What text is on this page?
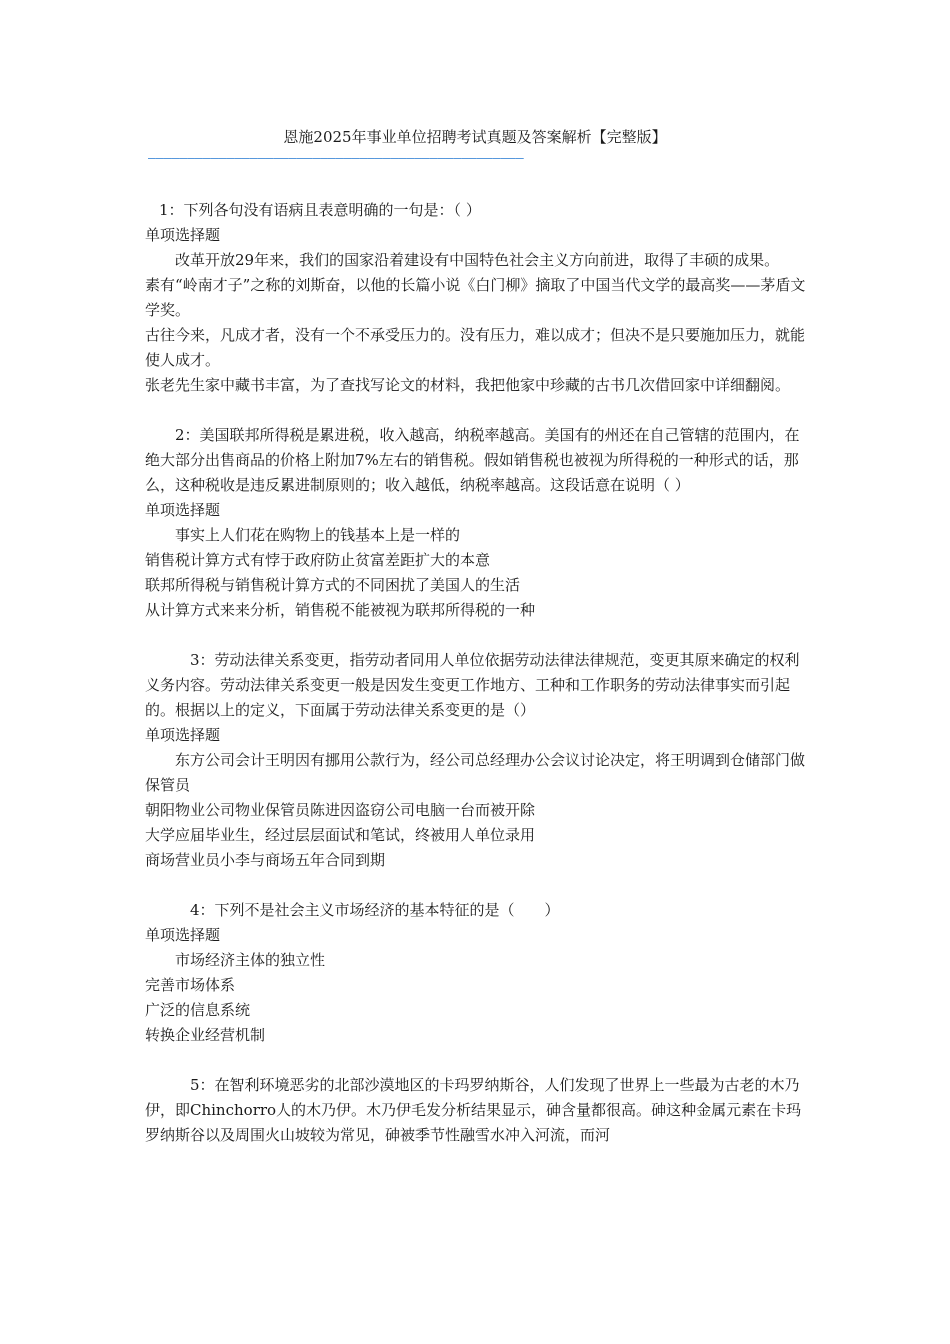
恩施2025年事业单位招聘考试真题及答案解析【完整版】
————————————————————————————————————————————————

1：下列各句没有语病且表意明确的一句是：（ ）

单项选择题

改革开放29年来，我们的国家沿着建设有中国特色社会主义方向前进，取得了丰硕的成果。

素有“岭南才子”之称的刘斯奋，以他的长篇小说《白门柳》摘取了中国当代文学的最高奖——茅盾文学奖。

古往今来，凡成才者，没有一个不承受压力的。没有压力，难以成才；但决不是只要施加压力，就能使人成才。

张老先生家中藏书丰富，为了查找写论文的材料，我把他家中珍藏的古书几次借回家中详细翻阅。

2：美国联邦所得税是累进税，收入越高，纳税率越高。美国有的州还在自己管辖的范围内，在绝大部分出售商品的价格上附加7%左右的销售税。假如销售税也被视为所得税的一种形式的话，那么，这种税收是违反累进制原则的；收入越低，纳税率越高。这段话意在说明（ ）

单项选择题

事实上人们花在购物上的钱基本上是一样的

销售税计算方式有悖于政府防止贫富差距扩大的本意

联邦所得税与销售税计算方式的不同困扰了美国人的生活

从计算方式来来分析，销售税不能被视为联邦所得税的一种

3：劳动法律关系变更，指劳动者同用人单位依据劳动法律法律规范，变更其原来确定的权利义务内容。劳动法律关系变更一般是因发生变更工作地方、工种和工作职务的劳动法律事实而引起的。根据以上的定义，下面属于劳动法律关系变更的是（）

单项选择题

东方公司会计王明因有挪用公款行为，经公司总经理办公会议讨论决定，将王明调到仓储部门做保管员

朝阳物业公司物业保管员陈进因盗窃公司电脑一台而被开除

大学应届毕业生，经过层层面试和笔试，终被用人单位录用

商场营业员小李与商场五年合同到期

4：下列不是社会主义市场经济的基本特征的是（　　）

单项选择题

市场经济主体的独立性

完善市场体系

广泛的信息系统

转换企业经营机制

5：在智利环境恶劣的北部沙漠地区的卡玛罗纳斯谷，人们发现了世界上一些最为古老的木乃伊，即Chinchorro人的木乃伊。木乃伊毛发分析结果显示，砷含量都很高。砷这种金属元素在卡玛罗纳斯谷以及周围火山坡较为常见，砷被季节性融雪水冲入河流，而河
